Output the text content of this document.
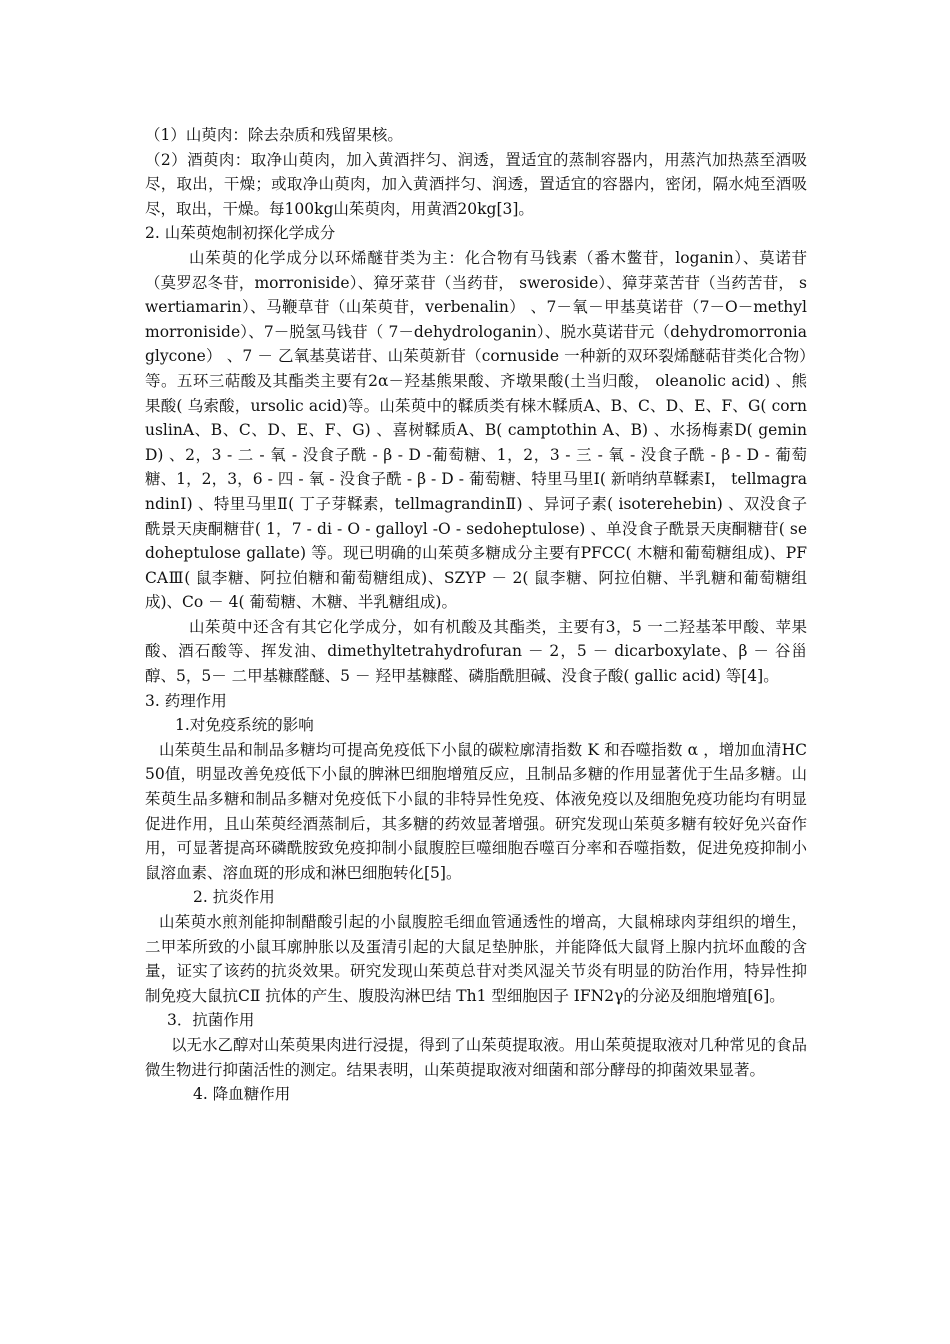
（1）山萸肉：除去杂质和残留果核。

（2）酒萸肉：取净山萸肉，加入黄酒拌匀、润透，置适宜的蒸制容器内，用蒸汽加热蒸至酒吸尽，取出，干燥；或取净山萸肉，加入黄酒拌匀、润透，置适宜的容器内，密闭，隔水炖至酒吸尽，取出，干燥。每100kg山茱萸肉，用黄酒20kg[3]。

2. 山茱萸炮制初探化学成分

山茱萸的化学成分以环烯醚苷类为主：化合物有马钱素（番木鳖苷，loganin）、莫诺苷（莫罗忍冬苷，morroniside）、獐牙菜苷（当药苷， sweroside）、獐芽菜苦苷（当药苦苷， swertiamarin）、马鞭草苷（山茱萸苷，verbenalin） 、7－氧－甲基莫诺苷（7－O－methyl morroniside）、7－脱氢马钱苷（ 7－dehydrologanin）、脱水莫诺苷元（dehydromorroniaglycone） 、7 － 乙氧基莫诺苷、山茱萸新苷（cornuside 一种新的双环裂烯醚萜苷类化合物）等。五环三萜酸及其酯类主要有2α－羟基熊果酸、齐墩果酸(土当归酸， oleanolic acid) 、熊果酸( 乌索酸，ursolic acid)等。山茱萸中的鞣质类有梾木鞣质A、B、C、D、E、F、G( cornuslinA、B、C、D、E、F、G) 、喜树鞣质A、B( camptothin A、B) 、水扬梅素D( gemin D) 、2，3 - 二 - 氧 - 没食子酰 - β - D -葡萄糖、1，2，3 - 三 - 氧 - 没食子酰 - β - D - 葡萄糖、1，2，3，6 - 四 - 氧 - 没食子酰 - β - D - 葡萄糖、特里马里Ⅰ( 新哨纳草鞣素Ⅰ， tellmagrandinⅠ) 、特里马里Ⅱ( 丁子芽鞣素，tellmagrandinⅡ) 、异诃子素( isoterehebin) 、双没食子酰景天庚酮糖苷( 1，7 - di - O - galloyl -O - sedoheptulose) 、单没食子酰景天庚酮糖苷( sedoheptulose gallate) 等。现已明确的山茱萸多糖成分主要有PFCC( 木糖和葡萄糖组成)、PFCAⅢ( 鼠李糖、阿拉伯糖和葡萄糖组成)、SZYP － 2( 鼠李糖、阿拉伯糖、半乳糖和葡萄糖组成)、Co － 4( 葡萄糖、木糖、半乳糖组成)。

山茱萸中还含有其它化学成分，如有机酸及其酯类，主要有3，5 一二羟基苯甲酸、苹果酸、酒石酸等、挥发油、dimethyltetrahydrofuran － 2，5 － dicarboxylate、β － 谷甾醇、5，5－ 二甲基糠醛醚、5 － 羟甲基糠醛、磷脂酰胆碱、没食子酸( gallic acid) 等[4]。

3. 药理作用

1.对免疫系统的影响

山茱萸生品和制品多糖均可提高免疫低下小鼠的碳粒廓清指数 K 和吞噬指数 α ，增加血清HC50值，明显改善免疫低下小鼠的脾淋巴细胞增殖反应，且制品多糖的作用显著优于生品多糖。山茱萸生品多糖和制品多糖对免疫低下小鼠的非特异性免疫、体液免疫以及细胞免疫功能均有明显促进作用，且山茱萸经酒蒸制后，其多糖的药效显著增强。研究发现山茱萸多糖有较好免兴奋作用，可显著提高环磷酰胺致免疫抑制小鼠腹腔巨噬细胞吞噬百分率和吞噬指数，促进免疫抑制小鼠溶血素、溶血斑的形成和淋巴细胞转化[5]。

2. 抗炎作用

山茱萸水煎剂能抑制醋酸引起的小鼠腹腔毛细血管通透性的增高，大鼠棉球肉芽组织的增生，二甲苯所致的小鼠耳廓肿胀以及蛋清引起的大鼠足垫肿胀，并能降低大鼠肾上腺内抗坏血酸的含量，证实了该药的抗炎效果。研究发现山茱萸总苷对类风湿关节炎有明显的防治作用，特异性抑制免疫大鼠抗CⅡ 抗体的产生、腹股沟淋巴结 Th1 型细胞因子 IFN2γ的分泌及细胞增殖[6]。

3．抗菌作用

以无水乙醇对山茱萸果肉进行浸提，得到了山茱萸提取液。用山茱萸提取液对几种常见的食品微生物进行抑菌活性的测定。结果表明，山茱萸提取液对细菌和部分酵母的抑菌效果显著。

4. 降血糖作用
